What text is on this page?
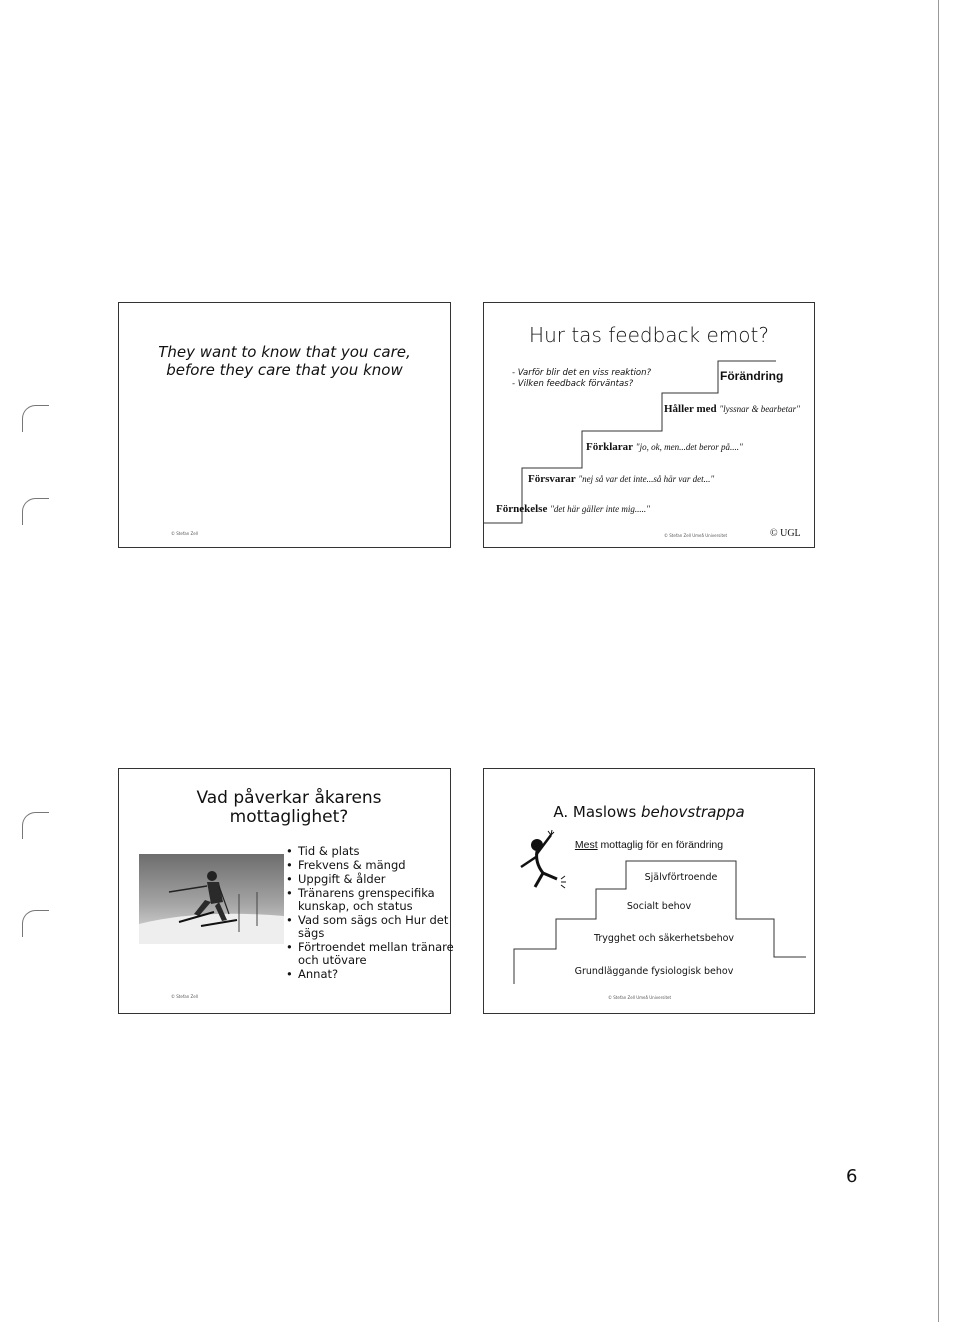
They want to know that you care,
before they care that you know
© Stefan Zell
Hur tas feedback emot?
- Varför blir det en viss reaktion?
- Vilken feedback förväntas?
Förnekelse "det här gäller inte mig....."
Försvarar "nej så var det inte...så här var det..."
Förklarar "jo, ok, men...det beror på...."
Håller med "lyssnar & bearbetar"
Förändring
© Stefan Zell Umeå Universitet	© UGL
Vad påverkar åkarens
mottaglighet?
• Tid & plats
• Frekvens & mängd
• Uppgift & ålder
• Tränarens grenspecifika kunskap, och status
• Vad som sägs och Hur det sägs
• Förtroendet mellan tränare och utövare
• Annat?
© Stefan Zell
A. Maslows behovstrappa
Mest mottaglig för en förändring
Grundläggande fysiologisk behov
Trygghet och säkerhetsbehov
Socialt behov
Självförtroende
© Stefan Zell Umeå Universitet
6
